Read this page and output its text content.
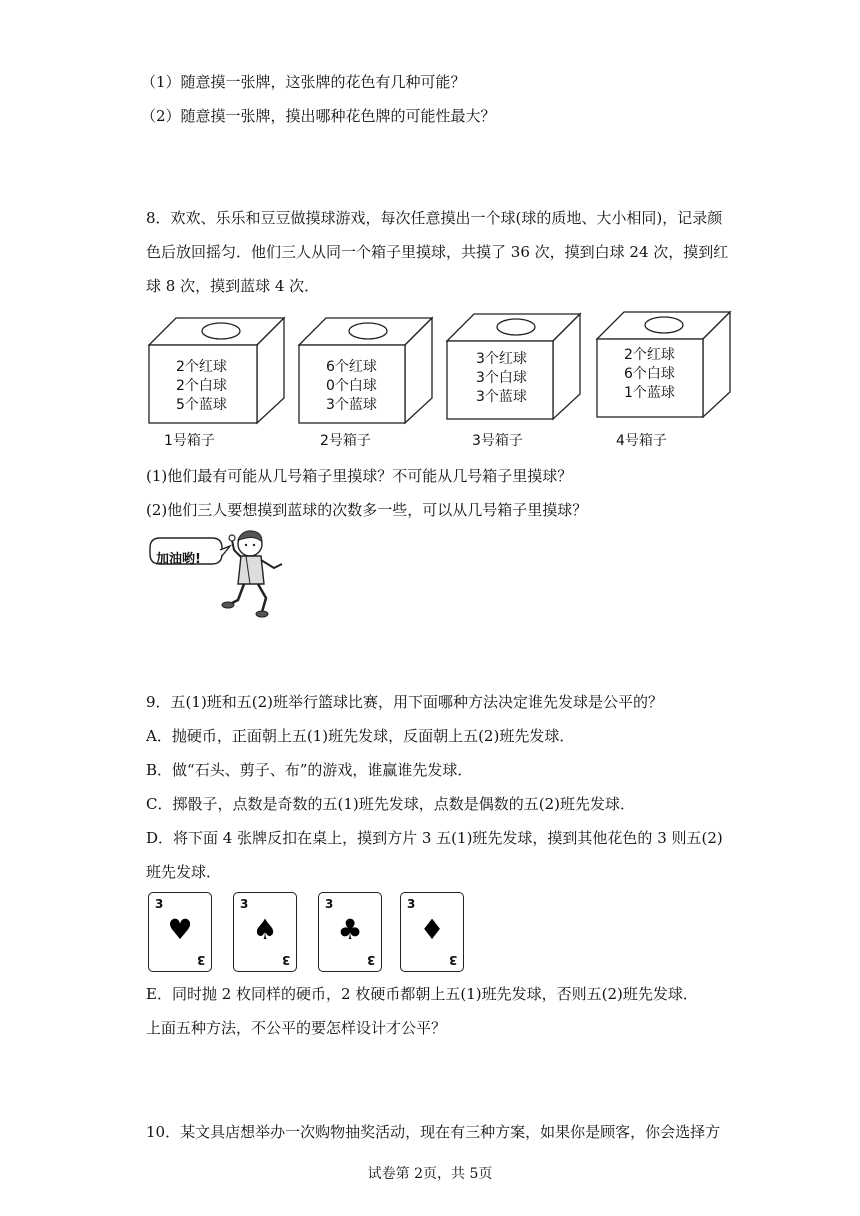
（1）随意摸一张牌，这张牌的花色有几种可能？
（2）随意摸一张牌，摸出哪种花色牌的可能性最大？
8．欢欢、乐乐和豆豆做摸球游戏，每次任意摸出一个球(球的质地、大小相同)，记录颜
色后放回摇匀．他们三人从同一个箱子里摸球，共摸了 36 次，摸到白球 24 次，摸到红
球 8 次，摸到蓝球 4 次．
2个红球
2个白球
5个蓝球
1号箱子
6个红球
0个白球
3个蓝球
2号箱子
3个红球
3个白球
3个蓝球
3号箱子
2个红球
6个白球
1个蓝球
4号箱子
(1)他们最有可能从几号箱子里摸球？不可能从几号箱子里摸球？
(2)他们三人要想摸到蓝球的次数多一些，可以从几号箱子里摸球？
加油哟!
9．五(1)班和五(2)班举行篮球比赛，用下面哪种方法决定谁先发球是公平的？
A．抛硬币，正面朝上五(1)班先发球，反面朝上五(2)班先发球．
B．做“石头、剪子、布”的游戏，谁赢谁先发球．
C．掷骰子，点数是奇数的五(1)班先发球，点数是偶数的五(2)班先发球．
D．将下面 4 张牌反扣在桌上，摸到方片 3 五(1)班先发球，摸到其他花色的 3 则五(2)
班先发球．
3
♥
3
3
♠
3
3
♣
3
3
♦
3
E．同时抛 2 枚同样的硬币，2 枚硬币都朝上五(1)班先发球，否则五(2)班先发球．
上面五种方法，不公平的要怎样设计才公平？
10．某文具店想举办一次购物抽奖活动，现在有三种方案，如果你是顾客，你会选择方
试卷第 2页，共 5页
